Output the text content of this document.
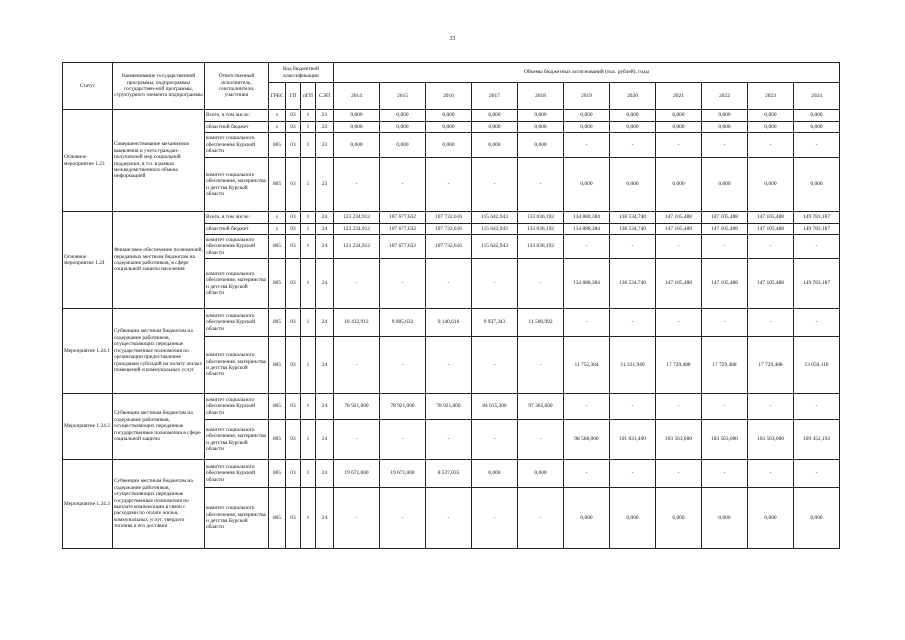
33
Статус	Наименование государственной программы, подпрограммы государствен-ной программы, структурного элемента подпрограммы	Ответственный исполнитель, соисполнители, участники	Код бюджетной классификации				Объемы бюджетных ассигнований (тыс. рублей), годы										
			ГРБС	ГП	пГП	СЭП	2014	2015	2016	2017	2018	2019	2020	2021	2022	2023	2024
Основное мероприятие 1.23	Совершенствование механизмов выявления и учета граждан-получателей мер социальной поддержки, в т.ч. в рамках межведомственного обмена информацией	Всего, в том числе:	х	03	1	23	0,000	0,000	0,000	0,000	0,000	0,000	0,000	0,000	0,000	0,000	0,000
		областной бюджет	х	03	1	23	0,000	0,000	0,000	0,000	0,000	0,000	0,000	0,000	0,000	0,000	0,000
		комитет социального обеспечения Курской области	805	03	1	23	0,000	0,000	0,000	0,000	0,000	-	-	-	-	-	-
		комитет социального обеспечения, материнства и детства Курской области	805	03	1	23	-	-	-	-	-	0,000	0,000	0,000	0,000	0,000	0,000
Основное мероприятие 1.24	Финансовое обеспечение полномочий, переданных местным бюджетам на содержание работников, в сфере социальной защиты населения	Всего, в том числе:	х	03	1	24	123 234,912	107 677,632	107 732,616	115 642,943	133 036,192	134 888,384	138 534,740	147 105,488	147 105,488	147 105,488	149 783,187
		областной бюджет	х	03	1	24	123 234,912	107 677,632	107 732,616	115 642,943	133 036,192	134 888,384	138 534,740	147 105,488	147 105,488	147 105,488	149 783,187
		комитет социального обеспечения Курской области	805	03	1	24	123 234,912	107 677,632	107 732,616	115 642,943	133 036,192	-	-	-	-	-	-
		комитет социального обеспечения, материнства и детства Курской области	805	03	1	24	-	-	-	-	-	134 888,384	138 534,740	147 105,488	147 105,488	147 105,488	149 783,187
Мероприятие 1.24.1	Субвенции местным бюджетам на содержание работников, осуществляющих переданные государственные полномочия по организации предоставления гражданам субсидий на оплату жилых помещений и коммунальных услуг	комитет социального обеспечения Курской области	805	03	1	24	18 432,912	9 085,632	9 140,616	9 937,343	11 500,992	-	-	-	-	-	-
		комитет социального обеспечения, материнства и детства Курской области	805	03	1	24	-	-	-	-	-	11 752,384	11 321,940	17 729,488	17 729,488	17 729,488	13 050,118
Мероприятие 1.24.2	Субвенции местным бюджетам на содержание работников, осуществляющих переданные государственные полномочия в сфере социальной защиты	комитет социального обеспечения Курской области	805	03	1	24	78 921,000	78 921,000	78 921,000	84 615,300	97 302,600	-	-	-	-	-	-
		комитет социального обеспечения, материнства и детства Курской области	805	03	1	24	-	-	-	-	-	98 568,000	101 831,400	103 563,000	103 563,000	103 563,000	109 452,192
Мероприятие 1.24.3	Субвенции местным бюджетам на содержание работников, осуществляющих переданные государственные полномочия по выплате компенсации в связи с расходами по оплате жилья, коммунальных услуг, твердого топлива и его доставки	комитет социального обеспечения Курской области	805	03	1	24	19 671,000	19 671,000	8 527,035	0,000	0,000	-	-	-	-	-	-
		комитет социального обеспечения, материнства и детства Курской области	805	03	1	24	-	-	-	-	-	0,000	0,000	0,000	0,000	0,000	0,000
